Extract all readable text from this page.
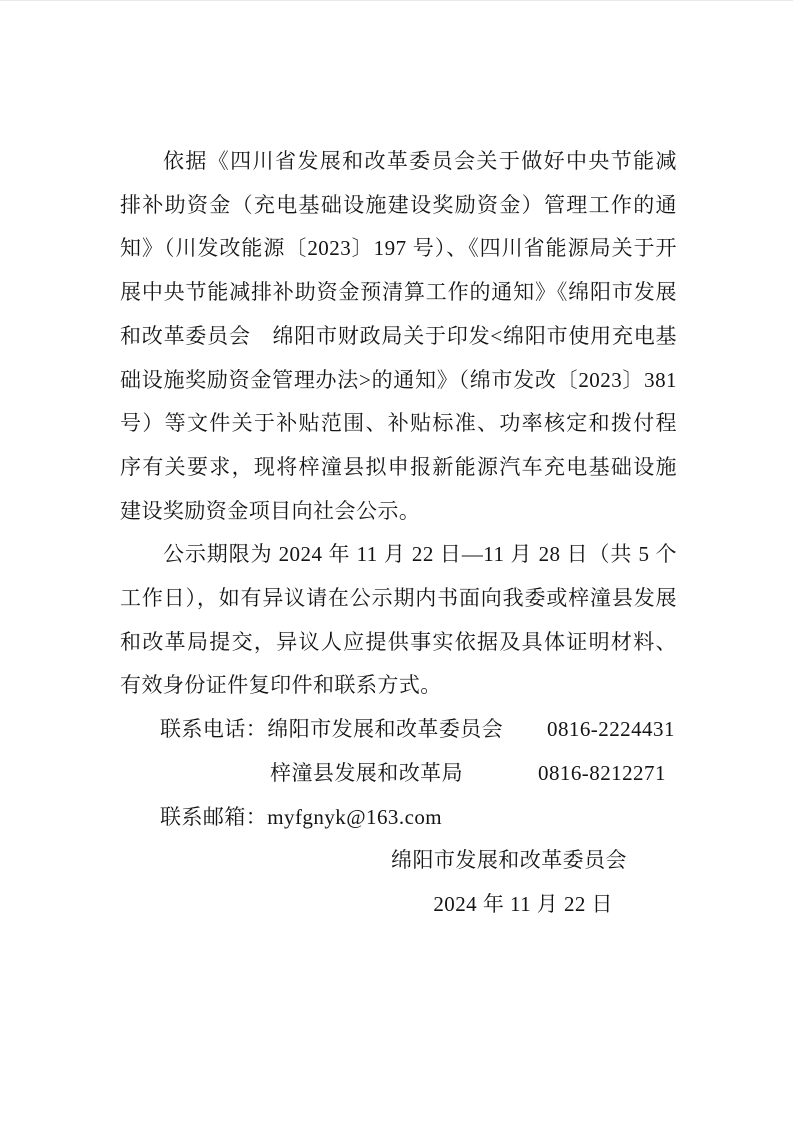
依据《四川省发展和改革委员会关于做好中央节能减排补助资金（充电基础设施建设奖励资金）管理工作的通知》（川发改能源〔2023〕197 号）、《四川省能源局关于开展中央节能减排补助资金预清算工作的通知》《绵阳市发展和改革委员会　绵阳市财政局关于印发<绵阳市使用充电基础设施奖励资金管理办法>的通知》（绵市发改〔2023〕381 号）等文件关于补贴范围、补贴标准、功率核定和拨付程序有关要求，现将梓潼县拟申报新能源汽车充电基础设施建设奖励资金项目向社会公示。

公示期限为 2024 年 11 月 22 日—11 月 28 日（共 5 个工作日），如有异议请在公示期内书面向我委或梓潼县发展和改革局提交，异议人应提供事实依据及具体证明材料、有效身份证件复印件和联系方式。

联系电话：绵阳市发展和改革委员会 0816-2224431
梓潼县发展和改革局	0816-8212271
联系邮箱：myfgnyk@163.com
绵阳市发展和改革委员会
2024 年 11 月 22 日
